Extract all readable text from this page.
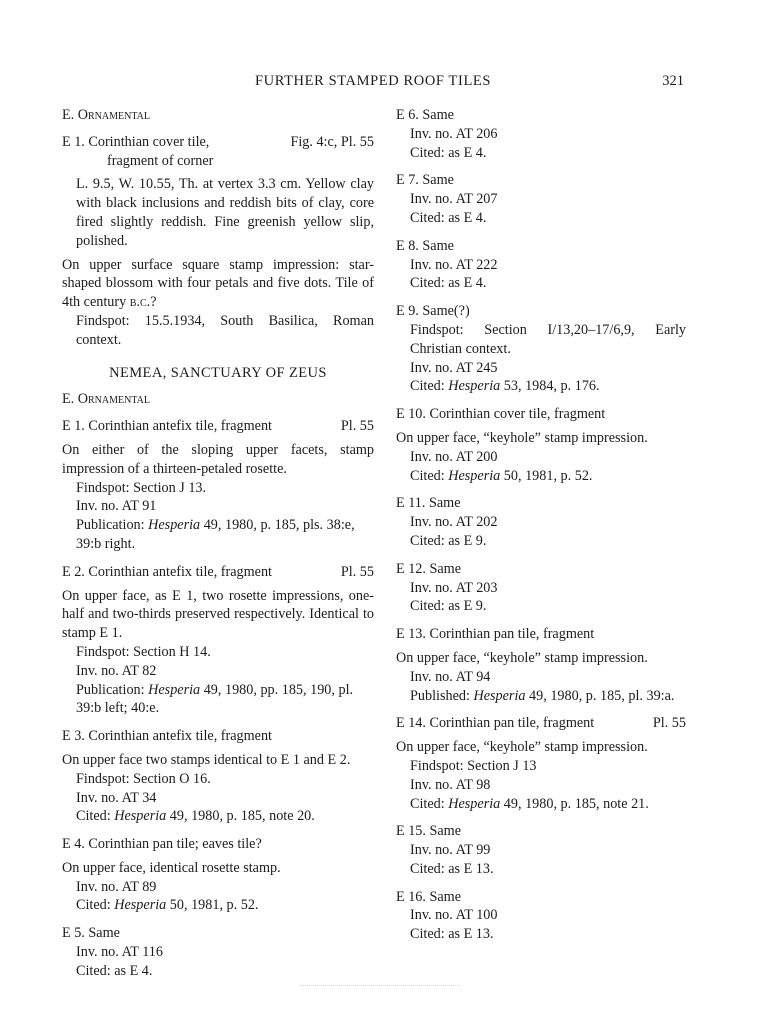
FURTHER STAMPED ROOF TILES	321
E. Ornamental
E 1. Corinthian cover tile,	Fig. 4:c, Pl. 55
fragment of corner
L. 9.5, W. 10.55, Th. at vertex 3.3 cm. Yellow clay with black inclusions and reddish bits of clay, core fired slightly reddish. Fine greenish yellow slip, polished.
On upper surface square stamp impression: star-shaped blossom with four petals and five dots. Tile of 4th century b.c.?
Findspot: 15.5.1934, South Basilica, Roman context.
NEMEA, SANCTUARY OF ZEUS
E. Ornamental
E 1. Corinthian antefix tile, fragment	Pl. 55
On either of the sloping upper facets, stamp impression of a thirteen-petaled rosette.
Findspot: Section J 13.
Inv. no. AT 91
Publication: Hesperia 49, 1980, p. 185, pls. 38:e, 39:b right.
E 2. Corinthian antefix tile, fragment	Pl. 55
On upper face, as E 1, two rosette impressions, one-half and two-thirds preserved respectively. Identical to stamp E 1.
Findspot: Section H 14.
Inv. no. AT 82
Publication: Hesperia 49, 1980, pp. 185, 190, pl. 39:b left; 40:e.
E 3. Corinthian antefix tile, fragment
On upper face two stamps identical to E 1 and E 2.
Findspot: Section O 16.
Inv. no. AT 34
Cited: Hesperia 49, 1980, p. 185, note 20.
E 4. Corinthian pan tile; eaves tile?
On upper face, identical rosette stamp.
Inv. no. AT 89
Cited: Hesperia 50, 1981, p. 52.
E 5. Same
Inv. no. AT 116
Cited: as E 4.
E 6. Same
Inv. no. AT 206
Cited: as E 4.
E 7. Same
Inv. no. AT 207
Cited: as E 4.
E 8. Same
Inv. no. AT 222
Cited: as E 4.
E 9. Same(?)
Findspot: Section I/13,20–17/6,9, Early Christian context.
Inv. no. AT 245
Cited: Hesperia 53, 1984, p. 176.
E 10. Corinthian cover tile, fragment
On upper face, “keyhole” stamp impression.
Inv. no. AT 200
Cited: Hesperia 50, 1981, p. 52.
E 11. Same
Inv. no. AT 202
Cited: as E 9.
E 12. Same
Inv. no. AT 203
Cited: as E 9.
E 13. Corinthian pan tile, fragment
On upper face, “keyhole” stamp impression.
Inv. no. AT 94
Published: Hesperia 49, 1980, p. 185, pl. 39:a.
E 14. Corinthian pan tile, fragment	Pl. 55
On upper face, “keyhole” stamp impression.
Findspot: Section J 13
Inv. no. AT 98
Cited: Hesperia 49, 1980, p. 185, note 21.
E 15. Same
Inv. no. AT 99
Cited: as E 13.
E 16. Same
Inv. no. AT 100
Cited: as E 13.
